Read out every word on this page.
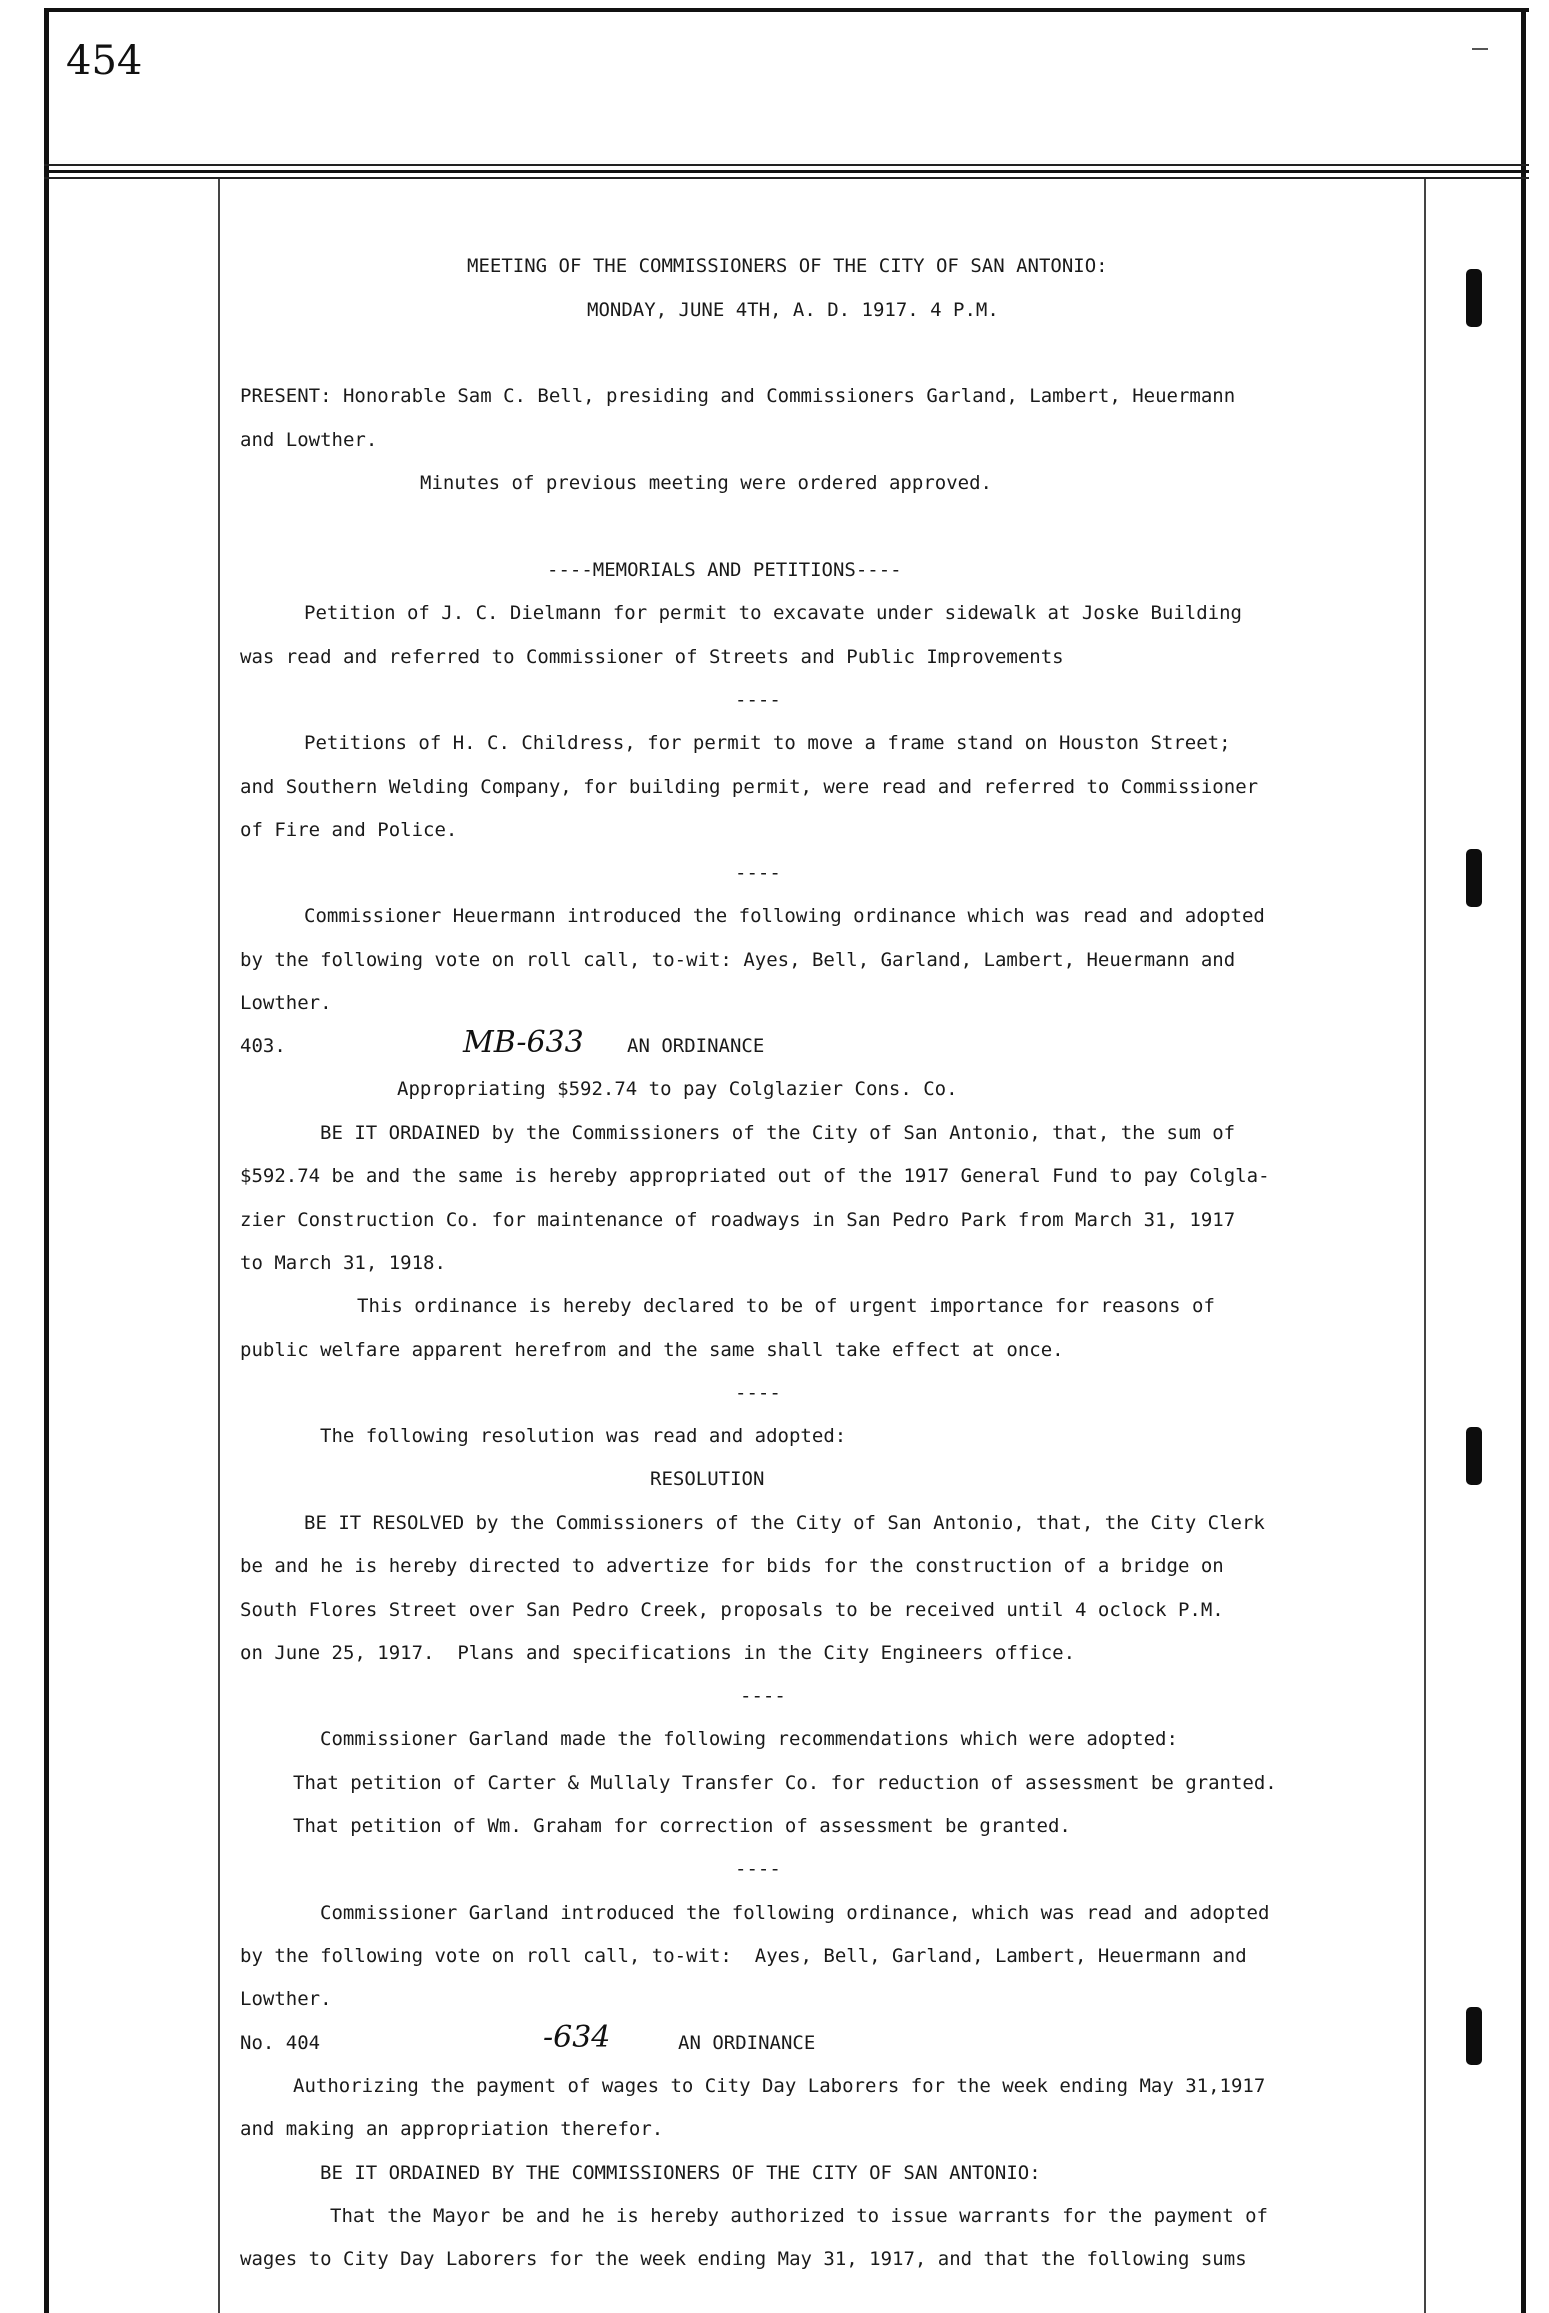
454
MEETING OF THE COMMISSIONERS OF THE CITY OF SAN ANTONIO:
MONDAY, JUNE 4TH, A. D. 1917. 4 P.M.
PRESENT: Honorable Sam C. Bell, presiding and Commissioners Garland, Lambert, Heuermann
and Lowther.
Minutes of previous meeting were ordered approved.
----MEMORIALS AND PETITIONS----
Petition of J. C. Dielmann for permit to excavate under sidewalk at Joske Building
was read and referred to Commissioner of Streets and Public Improvements
----
Petitions of H. C. Childress, for permit to move a frame stand on Houston Street;
and Southern Welding Company, for building permit, were read and referred to Commissioner
of Fire and Police.
----
Commissioner Heuermann introduced the following ordinance which was read and adopted
by the following vote on roll call, to-wit: Ayes, Bell, Garland, Lambert, Heuermann and
Lowther.
403.	MB-633 AN ORDINANCE
Appropriating $592.74 to pay Colglazier Cons. Co.
BE IT ORDAINED by the Commissioners of the City of San Antonio, that, the sum of
$592.74 be and the same is hereby appropriated out of the 1917 General Fund to pay Colgla-
zier Construction Co. for maintenance of roadways in San Pedro Park from March 31, 1917
to March 31, 1918.
This ordinance is hereby declared to be of urgent importance for reasons of
public welfare apparent herefrom and the same shall take effect at once.
----
The following resolution was read and adopted:
RESOLUTION
BE IT RESOLVED by the Commissioners of the City of San Antonio, that, the City Clerk
be and he is hereby directed to advertize for bids for the construction of a bridge on
South Flores Street over San Pedro Creek, proposals to be received until 4 oclock P.M.
on June 25, 1917.  Plans and specifications in the City Engineers office.
----
Commissioner Garland made the following recommendations which were adopted:
That petition of Carter & Mullaly Transfer Co. for reduction of assessment be granted.
That petition of Wm. Graham for correction of assessment be granted.
----
Commissioner Garland introduced the following ordinance, which was read and adopted
by the following vote on roll call, to-wit:  Ayes, Bell, Garland, Lambert, Heuermann and
Lowther.
No. 404	-634	AN ORDINANCE
Authorizing the payment of wages to City Day Laborers for the week ending May 31,1917
and making an appropriation therefor.
BE IT ORDAINED BY THE COMMISSIONERS OF THE CITY OF SAN ANTONIO:
That the Mayor be and he is hereby authorized to issue warrants for the payment of
wages to City Day Laborers for the week ending May 31, 1917, and that the following sums
